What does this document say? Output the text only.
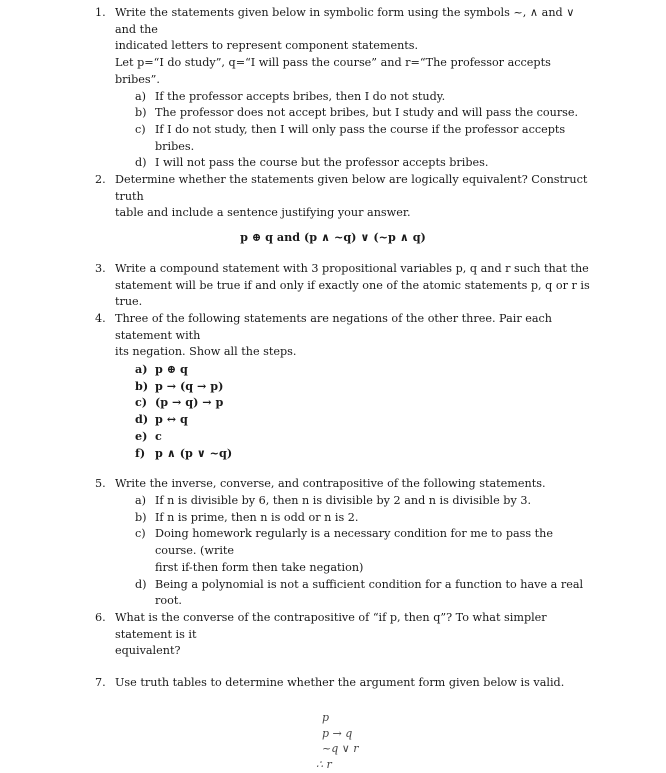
1. Write the statements given below in symbolic form using the symbols ~, ∧ and ∨ and the
indicated letters to represent component statements.
Let p=“I do study”, q=“I will pass the course” and r=“The professor accepts bribes”.
a) If the professor accepts bribes, then I do not study.
b) The professor does not accept bribes, but I study and will pass the course.
c) If I do not study, then I will only pass the course if the professor accepts bribes.
d) I will not pass the course but the professor accepts bribes.
2. Determine whether the statements given below are logically equivalent? Construct truth
table and include a sentence justifying your answer.
p ⊕ q and (p ∧ ~q) ∨ (~p ∧ q)
3. Write a compound statement with 3 propositional variables p, q and r such that the
statement will be true if and only if exactly one of the atomic statements p, q or r is true.
4. Three of the following statements are negations of the other three. Pair each statement with
its negation. Show all the steps.
a) p ⊕ q
b) p → (q → p)
c) (p → q) → p
d) p ↔ q
e) c
f) p ∧ (p ∨ ~q)
5. Write the inverse, converse, and contrapositive of the following statements.
a) If n is divisible by 6, then n is divisible by 2 and n is divisible by 3.
b) If n is prime, then n is odd or n is 2.
c) Doing homework regularly is a necessary condition for me to pass the course. (write
first if-then form then take negation)
d) Being a polynomial is not a sufficient condition for a function to have a real root.
6. What is the converse of the contrapositive of “if p, then q”? To what simpler statement is it
equivalent?
7. Use truth tables to determine whether the argument form given below is valid.
p
p → q
~q ∨ r
∴ r
